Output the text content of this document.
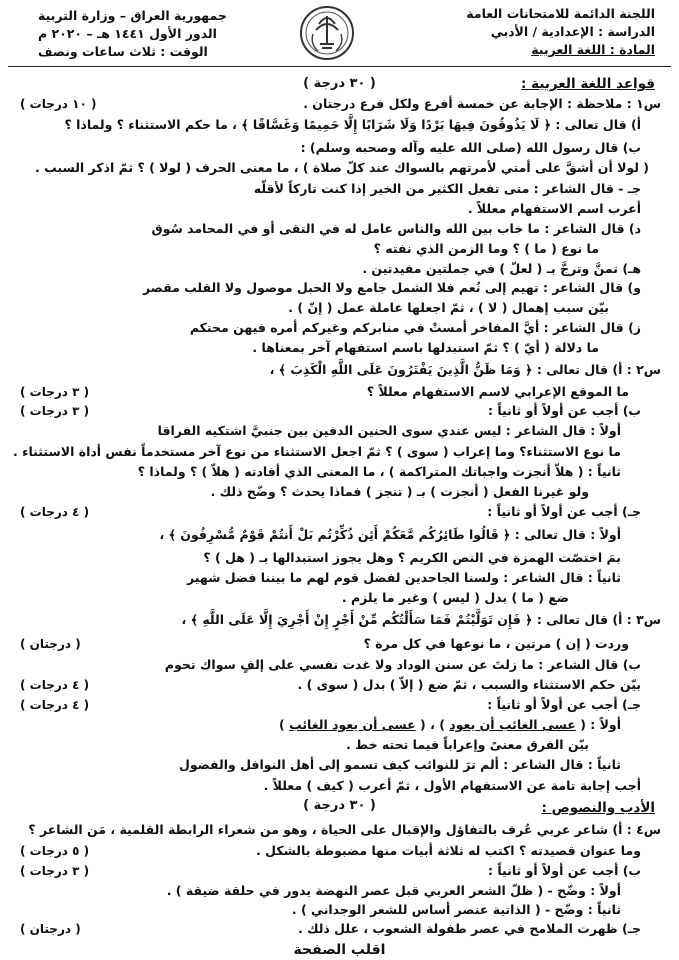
اللجنة الدائمة للامتحانات العامة
الدراسة : الإعدادية / الأدبي
المادة : اللغة العربية
جمهورية العراق – وزارة التربية
الدور الأول ١٤٤١ هـ – ٢٠٢٠ م
الوقت : ثلاث ساعات ونصف
قواعد اللغة العربية :
( ٣٠ درجة )
س١ : ملاحظة : الإجابة عن خمسة أفرع ولكل فرع درجتان .
( ١٠ درجات )
أ) قال تعالى : ﴿ لَا يَذُوقُونَ فِيهَا بَرْدًا وَلَا شَرَابًا إِلَّا حَمِيمًا وَغَسَّاقًا ﴾ ، ما حكم الاستثناء ؟ ولماذا ؟
ب) قال رسول الله (صلى الله عليه وآله وصحبه وسلم) :
( لولا أن أشقَّ على أمتي لأمرتهم بالسواك عند كلّ صلاة ) ، ما معنى الحرف ( لولا ) ؟ ثمّ اذكر السبب .
جـ - قال الشاعر : متى تفعل الكثير من الخير إذا كنت تاركاً لأقلّه
أعرب اسم الاستفهام معللاً .
د) قال الشاعر : ما خاب بين الله والناس عامل له في التقى أو في المحامد سُوق
ما نوع ( ما ) ؟ وما الزمن الذي نفته ؟
هـ) تمنَّ وترجَّ بـ ( لعلّ ) في جملتين مفيدتين .
و) قال الشاعر : تهيم إلى نُعم فلا الشمل جامع ولا الحبل موصول ولا القلب مقصر
بيّن سبب إهمال ( لا ) ، ثمّ اجعلها عاملة عمل ( إنّ ) .
ز) قال الشاعر : أيَّ المفاخر أمستْ في منابركم وغيركم أمره فيهن محتكم
ما دلالة ( أيّ ) ؟ ثمّ استبدلها باسم استفهام آخر بمعناها .
س٢ : أ) قال تعالى : ﴿ وَمَا ظَنُّ الَّذِينَ يَفْتَرُونَ عَلَى اللَّهِ الْكَذِبَ ﴾ ،
ما الموقع الإعرابي لاسم الاستفهام معللاً ؟
( ٣ درجات )
ب) أجب عن أولاً أو ثانياً :
( ٣ درجات )
أولاً : قال الشاعر : ليس عندي سوى الحنين الدفين بين جنبيَّ اشتكيه الفراقا
ما نوع الاستثناء؟ وما إعراب ( سوى ) ؟ ثمّ اجعل الاستثناء من نوع آخر مستخدماً نفس أداة الاستثناء .
ثانياً : ( هلاّ أنجزت واجباتك المتراكمة ) ، ما المعنى الذي أفادته ( هلاّ ) ؟ ولماذا ؟
ولو غيرنا الفعل ( أنجزت ) بـ ( تنجز ) فماذا يحدث ؟ وضّح ذلك .
جـ) أجب عن أولاً أو ثانياً :
( ٤ درجات )
أولاً : قال تعالى : ﴿ قَالُوا طَائِرُكُم مَّعَكُمْ أَئِن ذُكِّرْتُم بَلْ أَنتُمْ قَوْمٌ مُّسْرِفُونَ ﴾ ،
بمَ اختصّت الهمزة في النص الكريم ؟ وهل يجوز استبدالها بـ ( هل ) ؟
ثانياً : قال الشاعر : ولسنا الجاحدين لفضل قوم لهم ما بيننا فضل شهير
ضع ( ما ) بدل ( ليس ) وغير ما يلزم .
س٣ : أ) قال تعالى : ﴿ فَإِن تَوَلَّيْتُمْ فَمَا سَأَلْتُكُم مِّنْ أَجْرٍ إِنْ أَجْرِيَ إِلَّا عَلَى اللَّهِ ﴾ ،
وردت ( إن ) مرتين ، ما نوعها في كل مرة ؟
( درجتان )
ب) قال الشاعر : ما زلتَ عن سنن الوداد ولا غدت نفسي على إلفٍ سواك تحوم
بيّن حكم الاستثناء والسبب ، ثمّ ضع ( إلاّ ) بدل ( سوى ) .
( ٤ درجات )
جـ) أجب عن أولاً أو ثانياً :
( ٤ درجات )
أولاً : ( عسى الغائب أن يعود ) ، ( عسى أن يعود الغائب )
بيّن الفرق معنىً وإعراباً فيما تحته خط .
ثانياً : قال الشاعر : ألم ترَ للنوائب كيف تسمو إلى أهل النوافل والفضول
أجب إجابة تامة عن الاستفهام الأول ، ثمّ أعرب ( كيف ) معللاً .
الأدب والنصوص :
( ٣٠ درجة )
س٤ : أ) شاعر عربي عُرف بالتفاؤل والإقبال على الحياة ، وهو من شعراء الرابطة القلمية ، مَن الشاعر ؟
وما عنوان قصيدته ؟ اكتب له ثلاثة أبيات منها مضبوطة بالشكل .
( ٥ درجات )
ب) أجب عن أولاً أو ثانياً :
( ٣ درجات )
أولاً : وضّح - ( ظلّ الشعر العربي قبل عصر النهضة يدور في حلقة ضيقة ) .
ثانياً : وضّح - ( الذاتية عنصر أساس للشعر الوجداني ) .
جـ) ظهرت الملامح في عصر طفولة الشعوب ، علل ذلك .
( درجتان )
اقلب الصفحة
